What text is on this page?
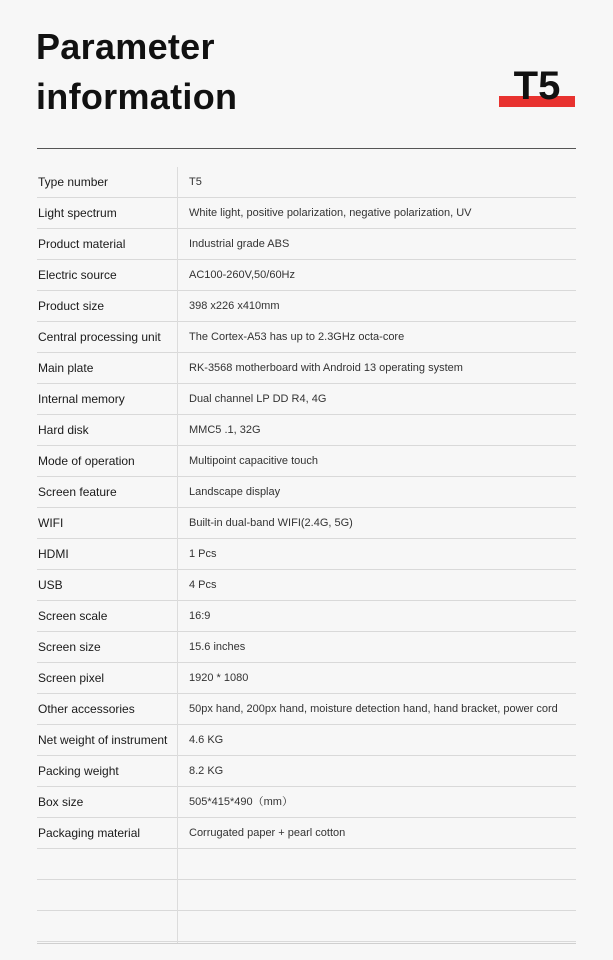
Parameter
information	T5
Type number	T5
Light spectrum	White light, positive polarization, negative polarization, UV
Product material	Industrial grade ABS
Electric source	AC100-260V,50/60Hz
Product size	398 x226 x410mm
Central processing unit	The Cortex-A53 has up to 2.3GHz octa-core
Main plate	RK-3568 motherboard with Android 13 operating system
Internal memory	Dual channel LP DD R4, 4G
Hard disk	MMC5 .1, 32G
Mode of operation	Multipoint capacitive touch
Screen feature	Landscape display
WIFI	Built-in dual-band WIFI(2.4G, 5G)
HDMI	1 Pcs
USB	4 Pcs
Screen scale	16:9
Screen size	15.6 inches
Screen pixel	1920 * 1080
Other accessories	50px hand, 200px hand, moisture detection hand, hand bracket, power cord
Net weight of instrument	4.6 KG
Packing weight	8.2 KG
Box size	505*415*490（mm）
Packaging material	Corrugated paper + pearl cotton
